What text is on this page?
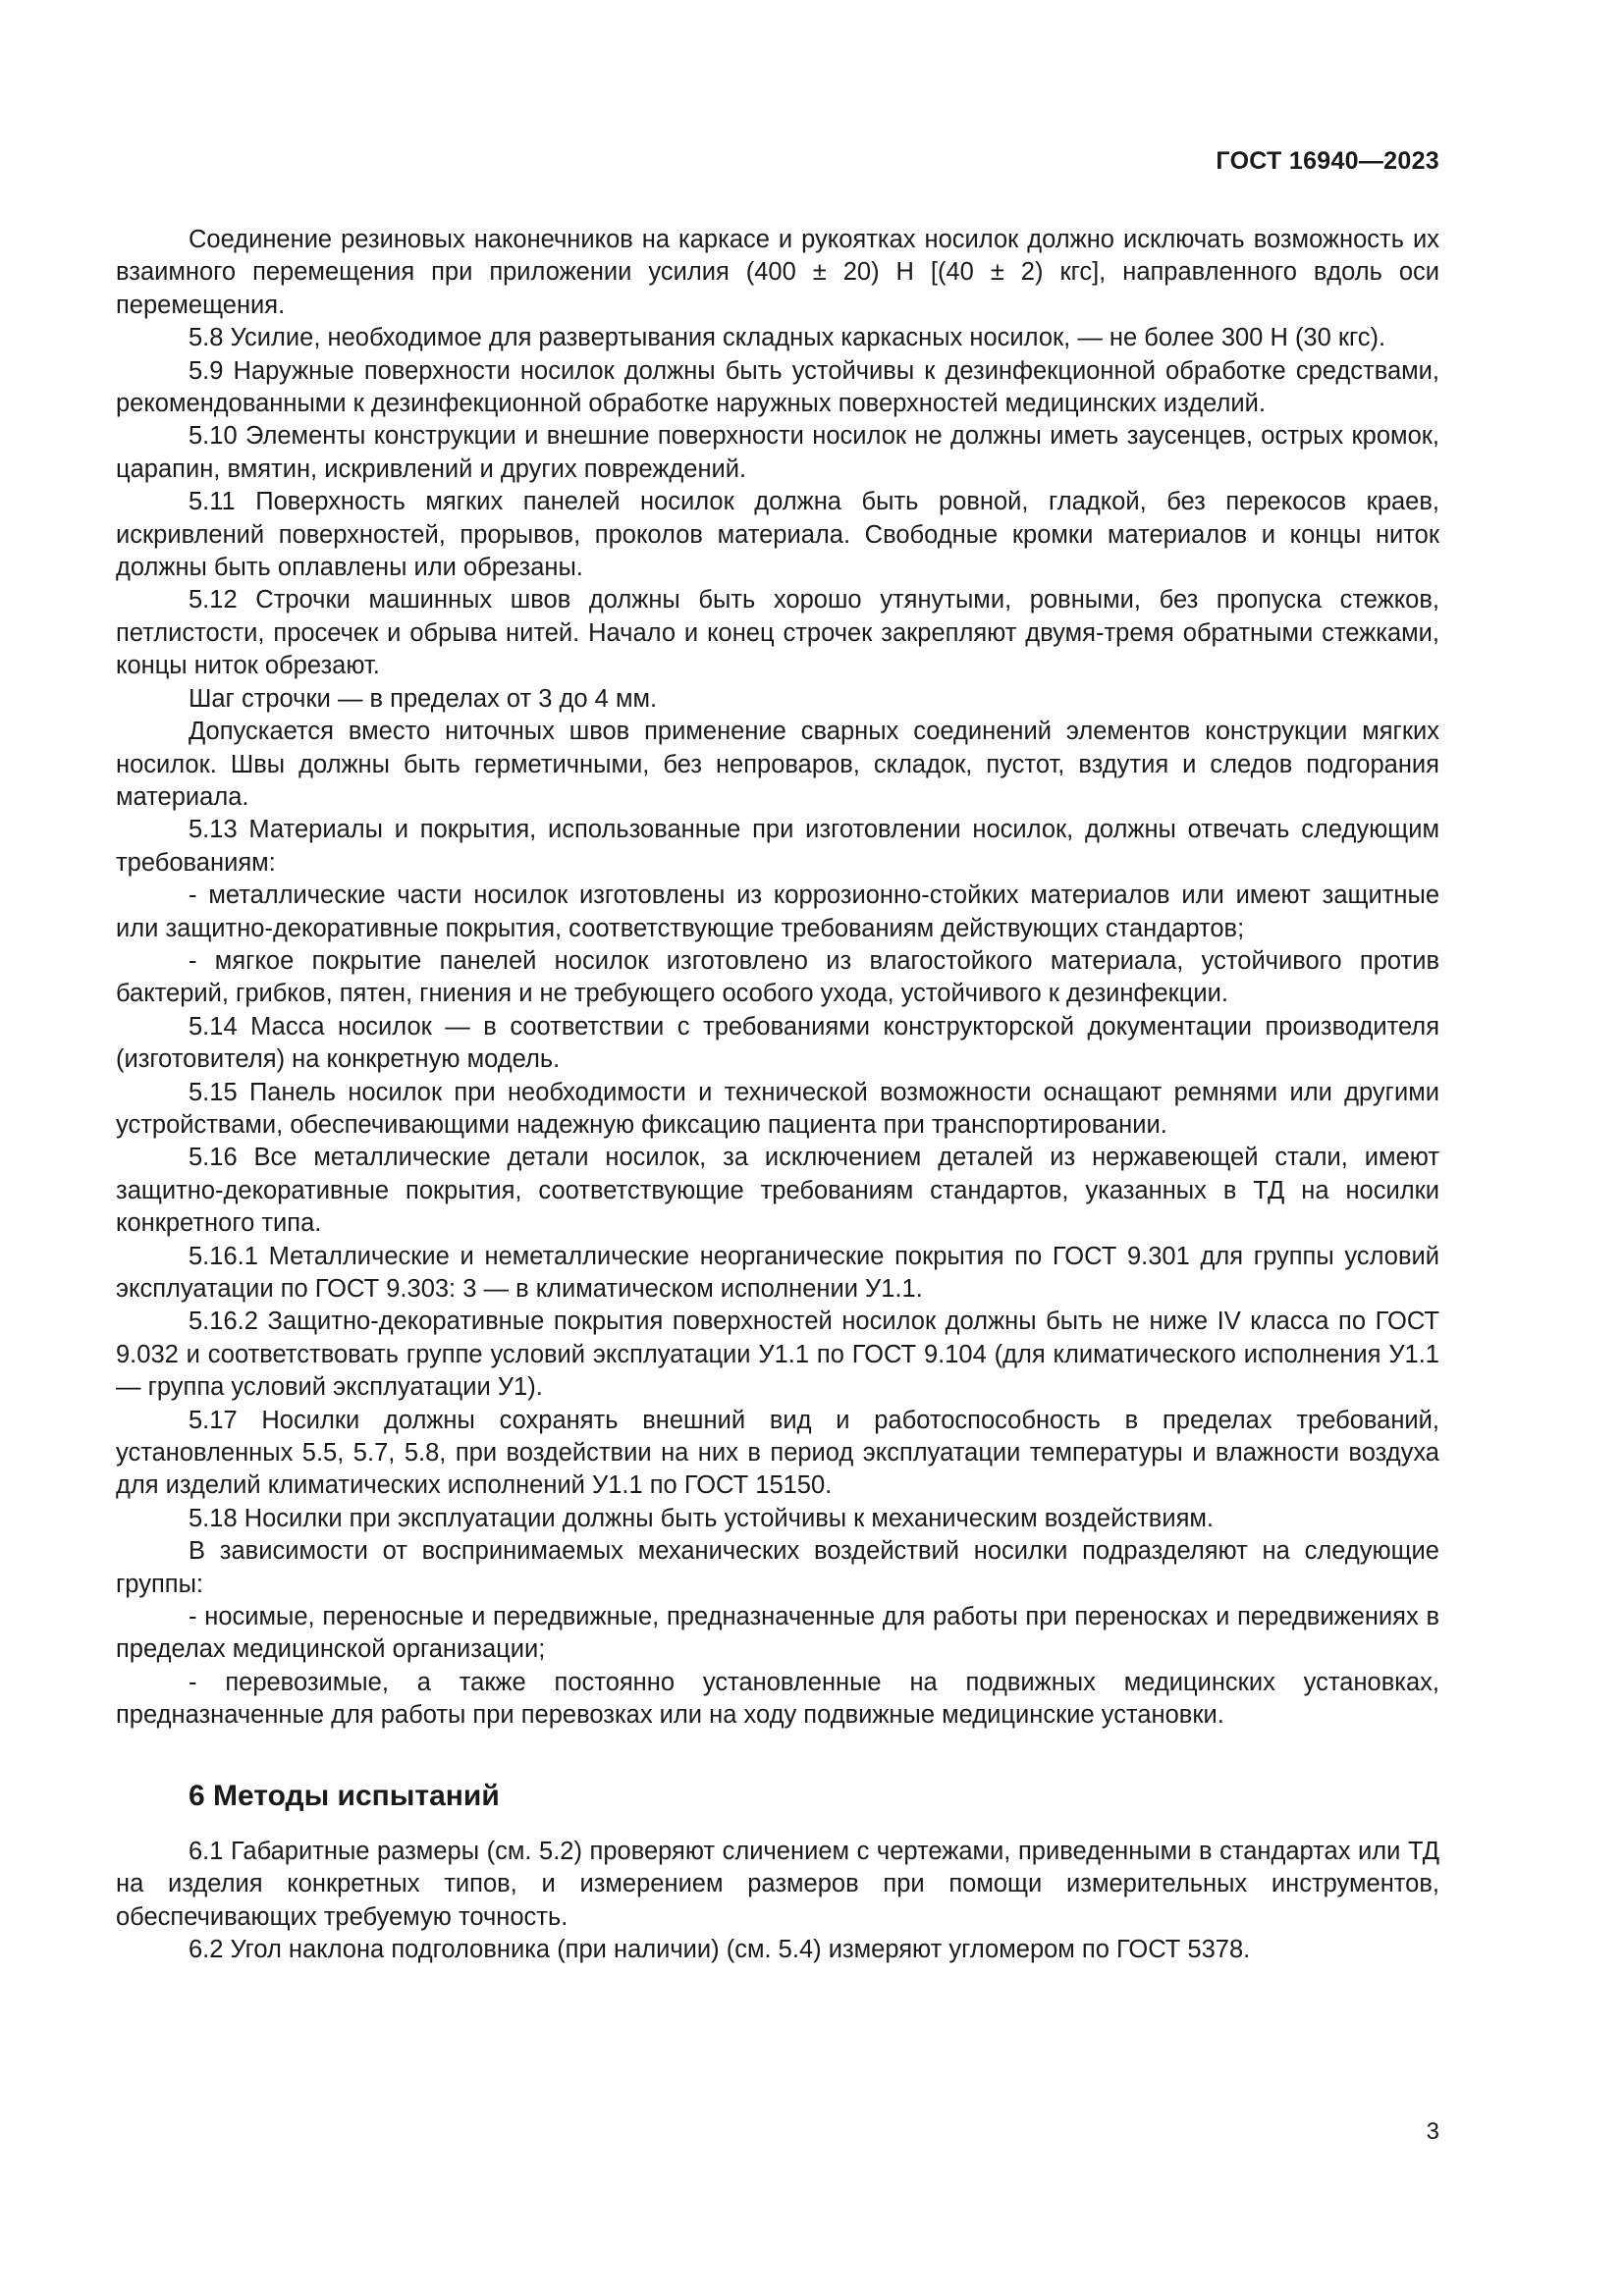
ГОСТ 16940—2023

Соединение резиновых наконечников на каркасе и рукоятках носилок должно исключать возможность их взаимного перемещения при приложении усилия (400 ± 20) Н [(40 ± 2) кгс], направленного вдоль оси перемещения.

5.8 Усилие, необходимое для развертывания складных каркасных носилок, — не более 300 Н (30 кгс).

5.9 Наружные поверхности носилок должны быть устойчивы к дезинфекционной обработке средствами, рекомендованными к дезинфекционной обработке наружных поверхностей медицинских изделий.

5.10 Элементы конструкции и внешние поверхности носилок не должны иметь заусенцев, острых кромок, царапин, вмятин, искривлений и других повреждений.

5.11 Поверхность мягких панелей носилок должна быть ровной, гладкой, без перекосов краев, искривлений поверхностей, прорывов, проколов материала. Свободные кромки материалов и концы ниток должны быть оплавлены или обрезаны.

5.12 Строчки машинных швов должны быть хорошо утянутыми, ровными, без пропуска стежков, петлистости, просечек и обрыва нитей. Начало и конец строчек закрепляют двумя-тремя обратными стежками, концы ниток обрезают.

Шаг строчки — в пределах от 3 до 4 мм.

Допускается вместо ниточных швов применение сварных соединений элементов конструкции мягких носилок. Швы должны быть герметичными, без непроваров, складок, пустот, вздутия и следов подгорания материала.

5.13 Материалы и покрытия, использованные при изготовлении носилок, должны отвечать следующим требованиям:

- металлические части носилок изготовлены из коррозионно-стойких материалов или имеют защитные или защитно-декоративные покрытия, соответствующие требованиям действующих стандартов;

- мягкое покрытие панелей носилок изготовлено из влагостойкого материала, устойчивого против бактерий, грибков, пятен, гниения и не требующего особого ухода, устойчивого к дезинфекции.

5.14 Масса носилок — в соответствии с требованиями конструкторской документации производителя (изготовителя) на конкретную модель.

5.15 Панель носилок при необходимости и технической возможности оснащают ремнями или другими устройствами, обеспечивающими надежную фиксацию пациента при транспортировании.

5.16 Все металлические детали носилок, за исключением деталей из нержавеющей стали, имеют защитно-декоративные покрытия, соответствующие требованиям стандартов, указанных в ТД на носилки конкретного типа.

5.16.1 Металлические и неметаллические неорганические покрытия по ГОСТ 9.301 для группы условий эксплуатации по ГОСТ 9.303: 3 — в климатическом исполнении У1.1.

5.16.2 Защитно-декоративные покрытия поверхностей носилок должны быть не ниже IV класса по ГОСТ 9.032 и соответствовать группе условий эксплуатации У1.1 по ГОСТ 9.104 (для климатического исполнения У1.1 — группа условий эксплуатации У1).

5.17 Носилки должны сохранять внешний вид и работоспособность в пределах требований, установленных 5.5, 5.7, 5.8, при воздействии на них в период эксплуатации температуры и влажности воздуха для изделий климатических исполнений У1.1 по ГОСТ 15150.

5.18 Носилки при эксплуатации должны быть устойчивы к механическим воздействиям.

В зависимости от воспринимаемых механических воздействий носилки подразделяют на следующие группы:

- носимые, переносные и передвижные, предназначенные для работы при переносках и передвижениях в пределах медицинской организации;

- перевозимые, а также постоянно установленные на подвижных медицинских установках, предназначенные для работы при перевозках или на ходу подвижные медицинские установки.

6 Методы испытаний

6.1 Габаритные размеры (см. 5.2) проверяют сличением с чертежами, приведенными в стандартах или ТД на изделия конкретных типов, и измерением размеров при помощи измерительных инструментов, обеспечивающих требуемую точность.

6.2 Угол наклона подголовника (при наличии) (см. 5.4) измеряют угломером по ГОСТ 5378.

3
